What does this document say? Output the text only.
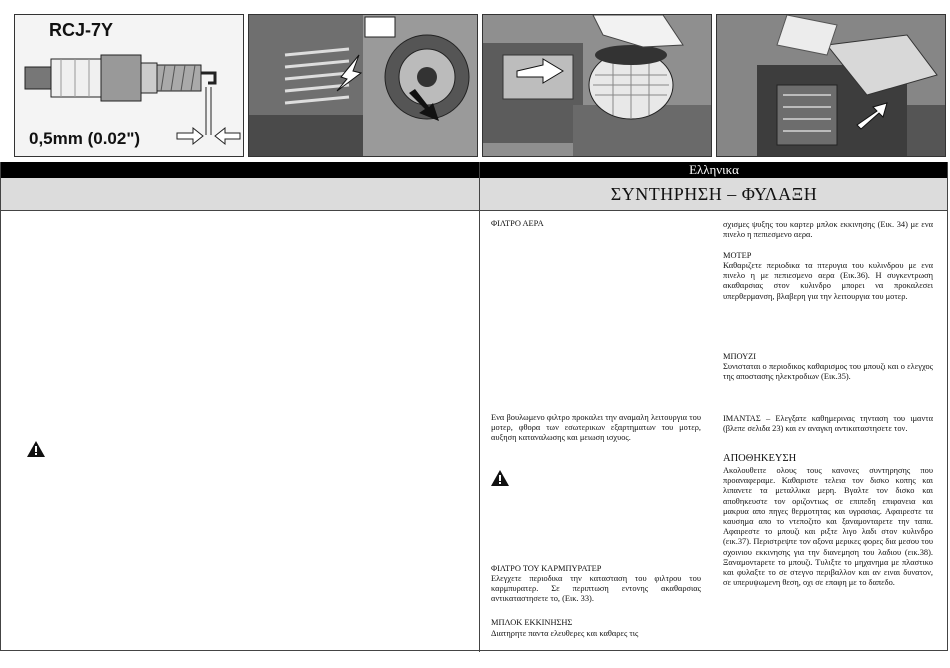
RCJ-7Y
0,5mm (0.02")
Ελληνικα
ΣΥΝΤΗΡΗΣΗ – ΦΥΛΑΞΗ
ΦΙΛΤΡΟ ΑΕΡΑ
Ενα βουλωμενο φιλτρο προκαλει την αναμαλη λειτουργια του μοτερ, φθορα των εσωτερικων εξαρτηματων του μοτερ, αυξηση καταναλωσης και μειωση ισχυος.
ΦΙΛΤΡΟ ΤΟΥ ΚΑΡΜΠΥΡΑΤΕΡ
Ελεγχετε περιοδικα την κατασταση του φιλτρου του καρμπυρατερ. Σε περιπτωση εντονης ακαθαρσιας αντικαταστησετε το, (Εικ. 33).
ΜΠΛΟΚ ΕΚΚΙΝΗΣΗΣ
Διατηρητε παντα ελευθερες και καθαρες τις
σχισμες ψυξης του καρτερ μπλοκ εκκινησης (Εικ. 34) με ενα πινελο η πεπιεσμενο αερα.
ΜΟΤΕΡ
Καθαριζετε περιοδικα τα πτερυγια του κυλινδρου με ενα πινελο η με πεπιεσμενο αερα (Εικ.36). Η συγκεντρωση ακαθαρσιας στον κυλινδρο μπορει να προκαλεσει υπερθερμανση, βλαβερη για την λειτουργια του μοτερ.
ΜΠΟΥΖΙ
Συνισταται ο περιοδικος καθαρισμος του μπουζι και ο ελεγχος της αποστασης ηλεκτροδιων (Εικ.35).
ΙΜΑΝΤΑΣ – Ελεγξατε καθημερινας τηνταση του ιμαντα (βλεπε σελιδα 23) και εν αναγκη αντικαταστησετε τον.
ΑΠΟΘΗΚΕΥΣΗ
Ακολουθειτε ολους τους κανονες συντηρησης που προαναφεραμε. Καθαριστε τελεια τον δισκο κοπης και λιπανετε τα μεταλλικα μερη. Βγαλτε τον δισκο και αποθηκευστε τον οριζοντιως σε επιπεδη επιφανεια και μακρυα απο πηγες θερμοτητας και υγρασιας. Αφαιρεστε τα καυσημα απο το ντεποζιτο και ξαναμονταρετε την ταπα. Αφαιρεστε το μπουζι και ριξτε λιγο λαδι στον κυλινδρο (εικ.37). Περιστρεψτε τον αξονα μερικες φορες δια μεσου του σχοινιου εκκινησης για την διανεμηση του λαδιου (εικ.38). Ξαναμοντaρετε το μπουζι. Τυλιξτε το μηχανημα με πλαστικο και φυλαξτε το σε στεγνο περιβαλλον και αν ειναι δυνατον, σε υπερυψωμενη θεση, οχι σε επαφη με το δαπεδο.
